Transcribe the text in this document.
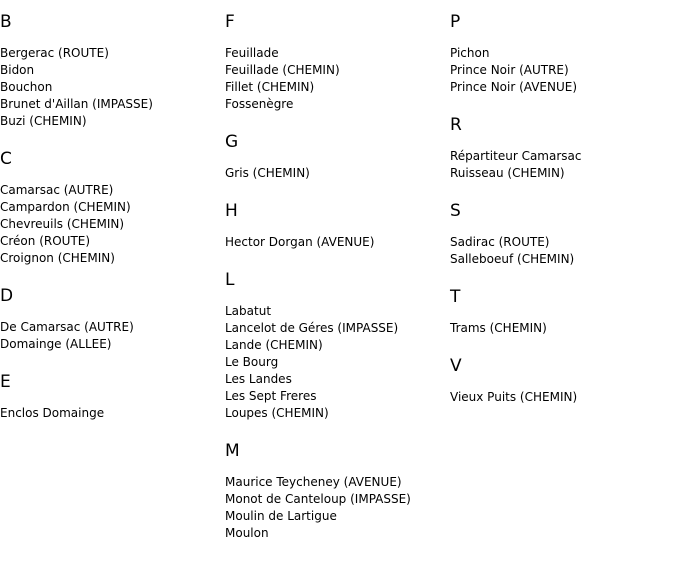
B
Bergerac (ROUTE)
Bidon
Bouchon
Brunet d'Aillan (IMPASSE)
Buzi (CHEMIN)
C
Camarsac (AUTRE)
Campardon (CHEMIN)
Chevreuils (CHEMIN)
Créon (ROUTE)
Croignon (CHEMIN)
D
De Camarsac (AUTRE)
Domainge (ALLEE)
E
Enclos Domainge
F
Feuillade
Feuillade (CHEMIN)
Fillet (CHEMIN)
Fossenègre
G
Gris (CHEMIN)
H
Hector Dorgan (AVENUE)
L
Labatut
Lancelot de Géres (IMPASSE)
Lande (CHEMIN)
Le Bourg
Les Landes
Les Sept Freres
Loupes (CHEMIN)
M
Maurice Teycheney (AVENUE)
Monot de Canteloup (IMPASSE)
Moulin de Lartigue
Moulon
P
Pichon
Prince Noir (AUTRE)
Prince Noir (AVENUE)
R
Répartiteur Camarsac
Ruisseau (CHEMIN)
S
Sadirac (ROUTE)
Salleboeuf (CHEMIN)
T
Trams (CHEMIN)
V
Vieux Puits (CHEMIN)
